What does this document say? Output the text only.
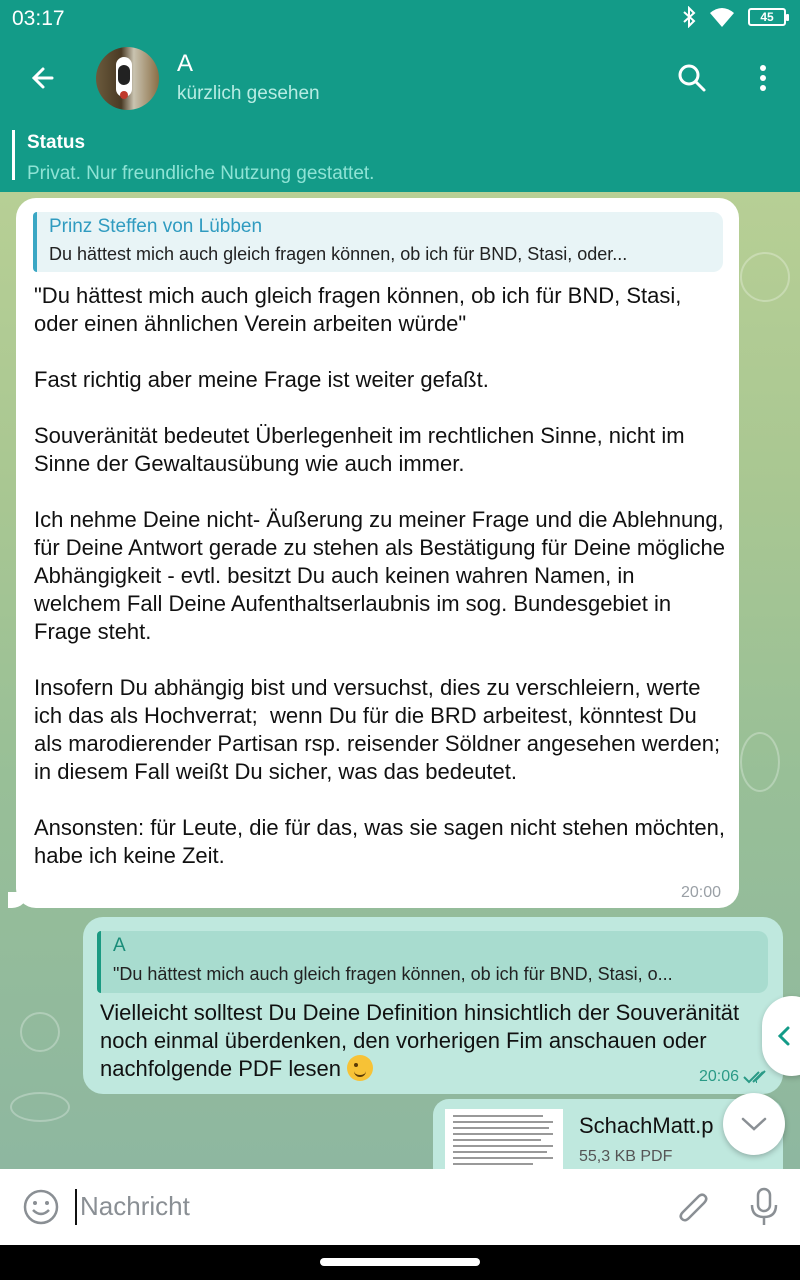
03:17	45
A
kürzlich gesehen
Status
Privat. Nur freundliche Nutzung gestattet.
Prinz Steffen von Lübben
Du hättest mich auch gleich fragen können, ob ich für BND, Stasi, oder...
"Du hättest mich auch gleich fragen können, ob ich für BND, Stasi, oder einen ähnlichen Verein arbeiten würde"

Fast richtig aber meine Frage ist weiter gefaßt.

Souveränität bedeutet Überlegenheit im rechtlichen Sinne, nicht im Sinne der Gewaltausübung wie auch immer.

Ich nehme Deine nicht- Äußerung zu meiner Frage und die Ablehnung, für Deine Antwort gerade zu stehen als Bestätigung für Deine mögliche Abhängigkeit - evtl. besitzt Du auch keinen wahren Namen, in welchem Fall Deine Aufenthaltserlaubnis im sog. Bundesgebiet in Frage steht.

Insofern Du abhängig bist und versuchst, dies zu verschleiern, werte ich das als Hochverrat;  wenn Du für die BRD arbeitest, könntest Du als marodierender Partisan rsp. reisender Söldner angesehen werden; in diesem Fall weißt Du sicher, was das bedeutet.

Ansonsten: für Leute, die für das, was sie sagen nicht stehen möchten, habe ich keine Zeit.
20:00
A
"Du hättest mich auch gleich fragen können, ob ich für BND, Stasi, o...
Vielleicht solltest Du Deine Definition hinsichtlich der Souveränität noch einmal überdenken, den vorherigen Fim anschauen oder nachfolgende PDF lesen	20:06
SchachMatt.p
55,3 KB PDF
Nachricht
